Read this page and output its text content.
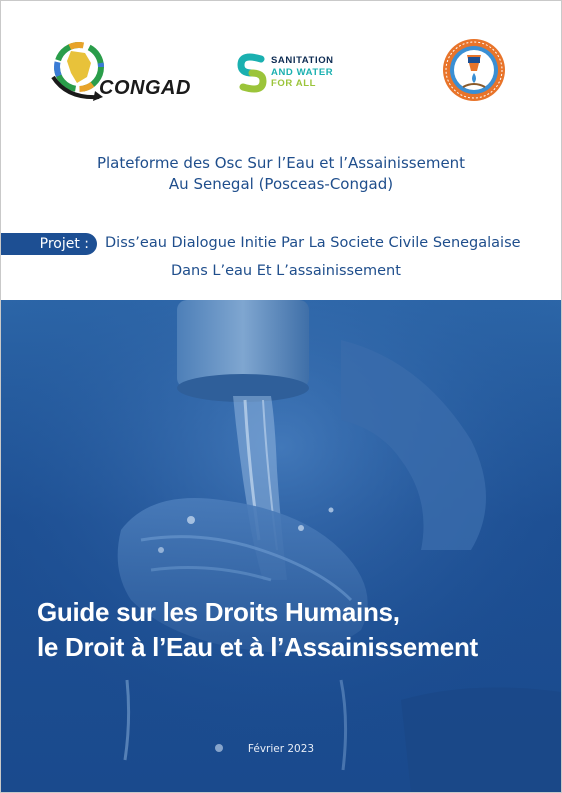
CONGAD
SANITATION
AND WATER
FOR ALL
Plateforme des Osc Sur l’Eau et l’Assainissement
Au Senegal (Posceas-Congad)
Projet :	Diss’eau Dialogue Initie Par La Societe Civile Senegalaise
Dans L’eau Et L’assainissement
Guide sur les Droits Humains,
le Droit à l’Eau et à l’Assainissement
Février 2023
